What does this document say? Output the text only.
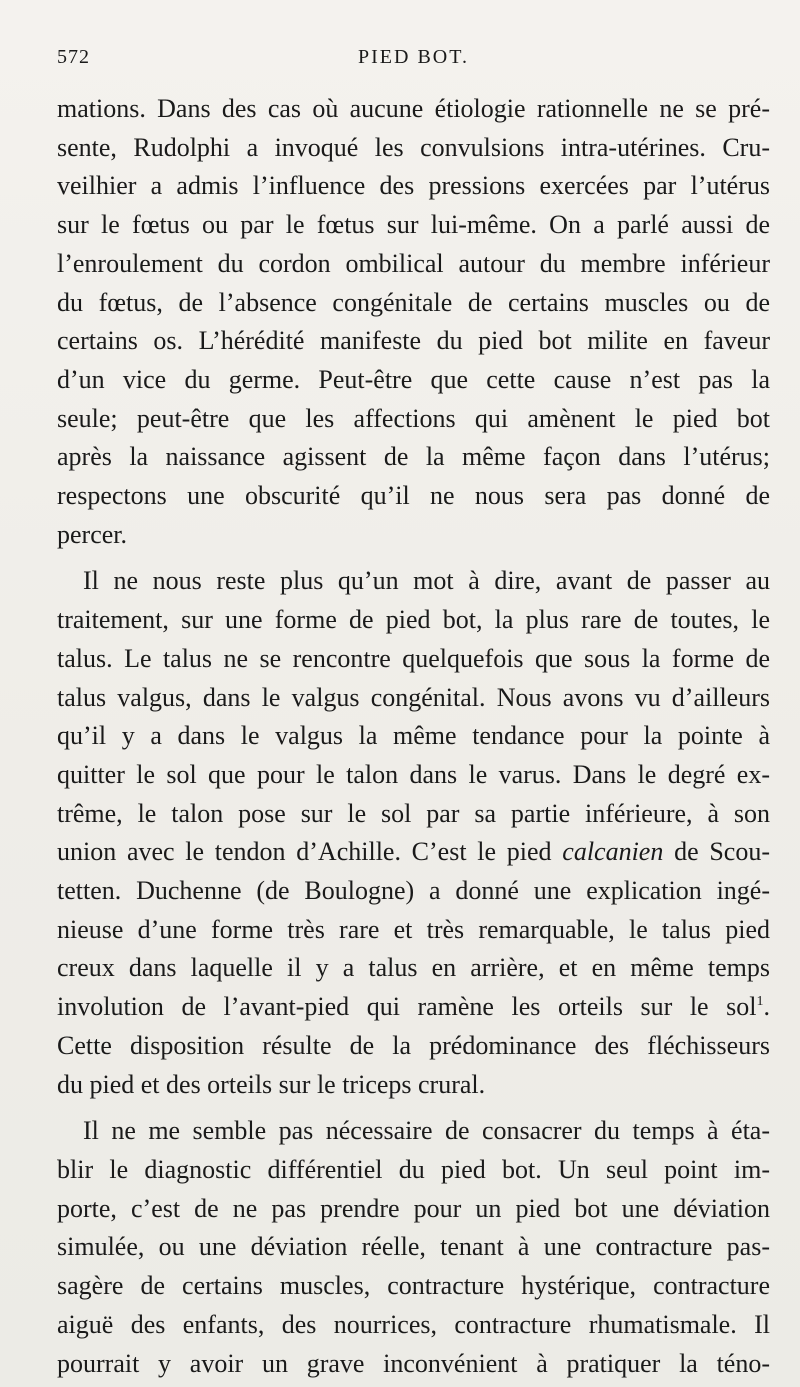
572	PIED BOT.

mations. Dans des cas où aucune étiologie rationnelle ne se pré-
sente, Rudolphi a invoqué les convulsions intra-utérines. Cru-
veilhier a admis l’influence des pressions exercées par l’utérus
sur le fœtus ou par le fœtus sur lui-même. On a parlé aussi de
l’enroulement du cordon ombilical autour du membre inférieur
du fœtus, de l’absence congénitale de certains muscles ou de
certains os. L’hérédité manifeste du pied bot milite en faveur
d’un vice du germe. Peut-être que cette cause n’est pas la
seule; peut-être que les affections qui amènent le pied bot
après la naissance agissent de la même façon dans l’utérus;
respectons une obscurité qu’il ne nous sera pas donné de
percer.

Il ne nous reste plus qu’un mot à dire, avant de passer au
traitement, sur une forme de pied bot, la plus rare de toutes, le
talus. Le talus ne se rencontre quelquefois que sous la forme de
talus valgus, dans le valgus congénital. Nous avons vu d’ailleurs
qu’il y a dans le valgus la même tendance pour la pointe à
quitter le sol que pour le talon dans le varus. Dans le degré ex-
trême, le talon pose sur le sol par sa partie inférieure, à son
union avec le tendon d’Achille. C’est le pied calcanien de Scou-
tetten. Duchenne (de Boulogne) a donné une explication ingé-
nieuse d’une forme très rare et très remarquable, le talus pied
creux dans laquelle il y a talus en arrière, et en même temps
involution de l’avant-pied qui ramène les orteils sur le sol$^1$.
Cette disposition résulte de la prédominance des fléchisseurs
du pied et des orteils sur le triceps crural.

Il ne me semble pas nécessaire de consacrer du temps à éta-
blir le diagnostic différentiel du pied bot. Un seul point im-
porte, c’est de ne pas prendre pour un pied bot une déviation
simulée, ou une déviation réelle, tenant à une contracture pas-
sagère de certains muscles, contracture hystérique, contracture
aiguë des enfants, des nourrices, contracture rhumatismale. Il
pourrait y avoir un grave inconvénient à pratiquer la téno-
